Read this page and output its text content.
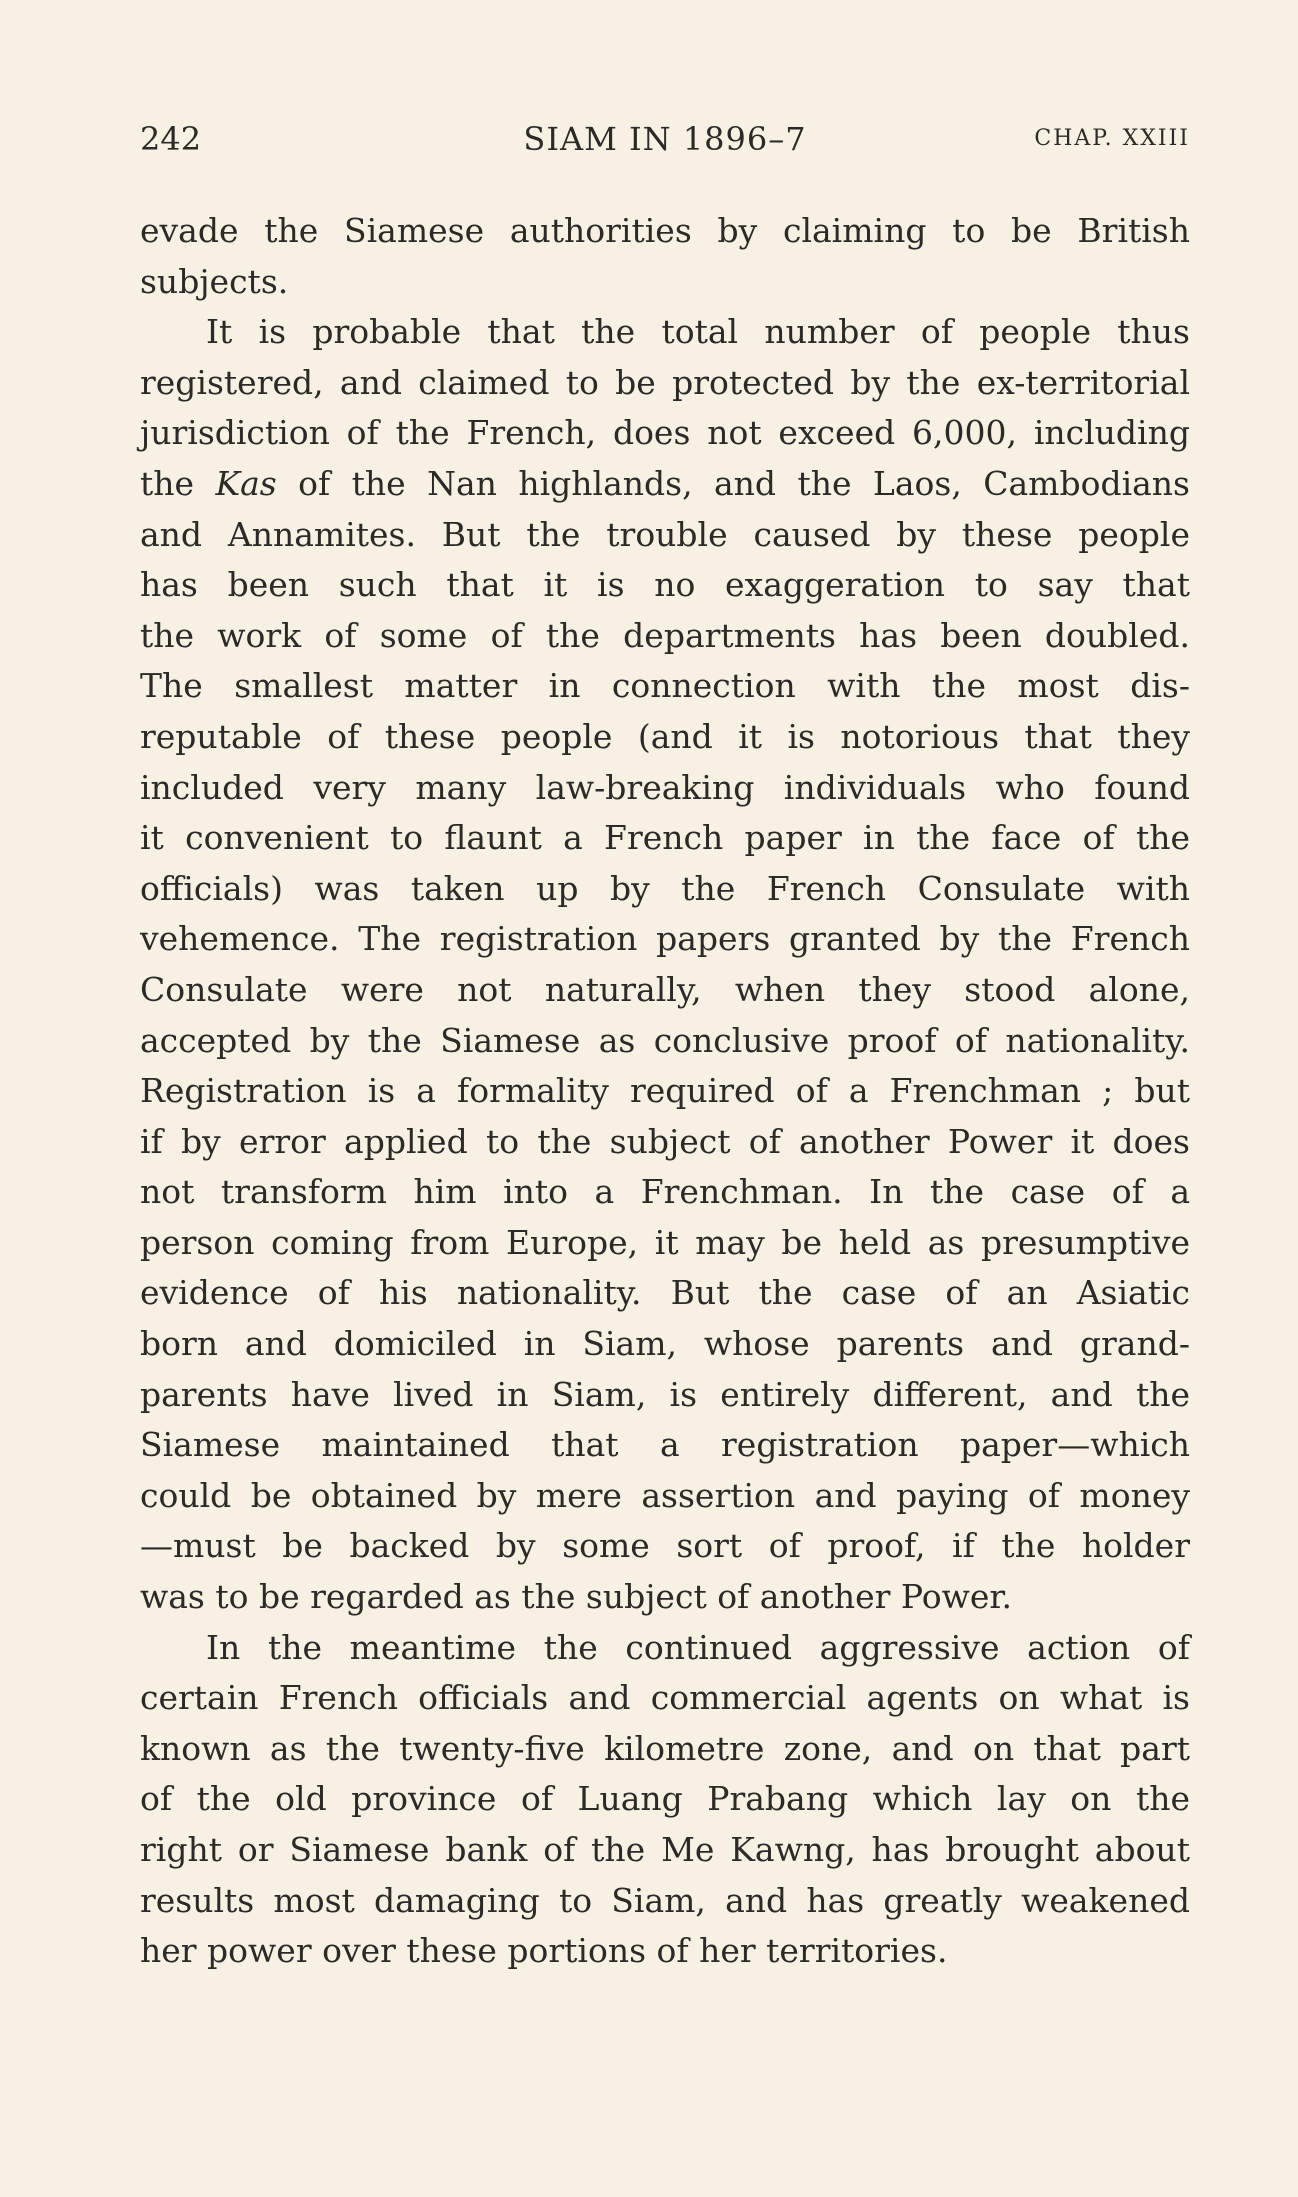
242	SIAM IN 1896–7	CHAP. XXIII
evade the Siamese authorities by claiming to be British
subjects.
It is probable that the total number of people thus
registered, and claimed to be protected by the ex-territorial
jurisdiction of the French, does not exceed 6,000, including
the Kas of the Nan highlands, and the Laos, Cambodians
and Annamites. But the trouble caused by these people
has been such that it is no exaggeration to say that
the work of some of the departments has been doubled.
The smallest matter in connection with the most dis-
reputable of these people (and it is notorious that they
included very many law-breaking individuals who found
it convenient to flaunt a French paper in the face of the
officials) was taken up by the French Consulate with
vehemence. The registration papers granted by the French
Consulate were not naturally, when they stood alone,
accepted by the Siamese as conclusive proof of nationality.
Registration is a formality required of a Frenchman ; but
if by error applied to the subject of another Power it does
not transform him into a Frenchman. In the case of a
person coming from Europe, it may be held as presumptive
evidence of his nationality. But the case of an Asiatic
born and domiciled in Siam, whose parents and grand-
parents have lived in Siam, is entirely different, and the
Siamese maintained that a registration paper—which
could be obtained by mere assertion and paying of money
—must be backed by some sort of proof, if the holder
was to be regarded as the subject of another Power.
In the meantime the continued aggressive action of
certain French officials and commercial agents on what is
known as the twenty-five kilometre zone, and on that part
of the old province of Luang Prabang which lay on the
right or Siamese bank of the Me Kawng, has brought about
results most damaging to Siam, and has greatly weakened
her power over these portions of her territories.
